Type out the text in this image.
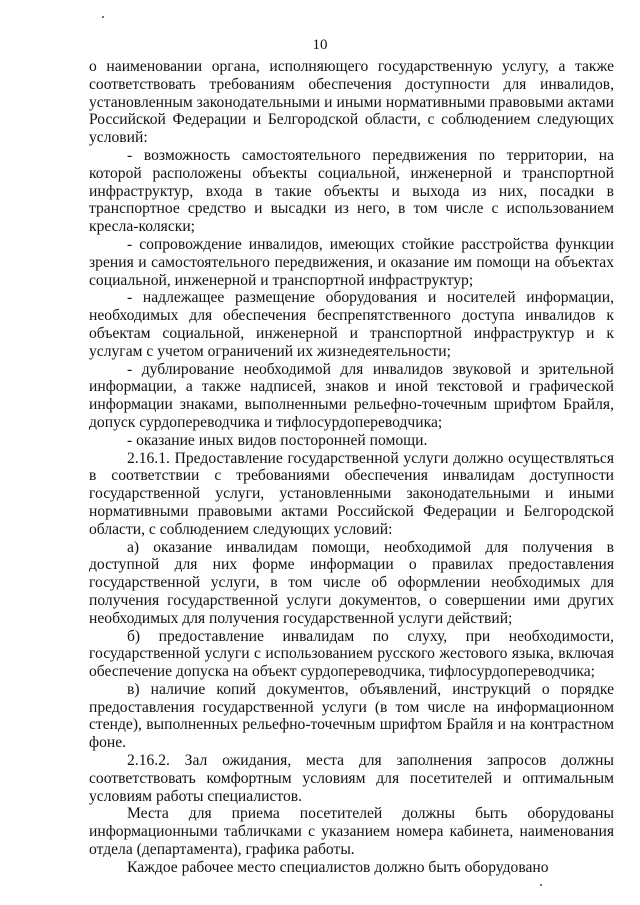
10

о наименовании органа, исполняющего государственную услугу, а также соответствовать требованиям обеспечения доступности для инвалидов, установленным законодательными и иными нормативными правовыми актами Российской Федерации и Белгородской области, с соблюдением следующих условий:

- возможность самостоятельного передвижения по территории, на которой расположены объекты социальной, инженерной и транспортной инфраструктур, входа в такие объекты и выхода из них, посадки в транспортное средство и высадки из него, в том числе с использованием кресла-коляски;

- сопровождение инвалидов, имеющих стойкие расстройства функции зрения и самостоятельного передвижения, и оказание им помощи на объектах социальной, инженерной и транспортной инфраструктур;

- надлежащее размещение оборудования и носителей информации, необходимых для обеспечения беспрепятственного доступа инвалидов к объектам социальной, инженерной и транспортной инфраструктур и к услугам с учетом ограничений их жизнедеятельности;

- дублирование необходимой для инвалидов звуковой и зрительной информации, а также надписей, знаков и иной текстовой и графической информации знаками, выполненными рельефно-точечным шрифтом Брайля, допуск сурдопереводчика и тифлосурдопереводчика;

- оказание иных видов посторонней помощи.

2.16.1. Предоставление государственной услуги должно осуществляться в соответствии с требованиями обеспечения инвалидам доступности государственной услуги, установленными законодательными и иными нормативными правовыми актами Российской Федерации и Белгородской области, с соблюдением следующих условий:

а) оказание инвалидам помощи, необходимой для получения в доступной для них форме информации о правилах предоставления государственной услуги, в том числе об оформлении необходимых для получения государственной услуги документов, о совершении ими других необходимых для получения государственной услуги действий;

б) предоставление инвалидам по слуху, при необходимости, государственной услуги с использованием русского жестового языка, включая обеспечение допуска на объект сурдопереводчика, тифлосурдопереводчика;

в) наличие копий документов, объявлений, инструкций о порядке предоставления государственной услуги (в том числе на информационном стенде), выполненных рельефно-точечным шрифтом Брайля и на контрастном фоне.

2.16.2. Зал ожидания, места для заполнения запросов должны соответствовать комфортным условиям для посетителей и оптимальным условиям работы специалистов.

Места для приема посетителей должны быть оборудованы информационными табличками с указанием номера кабинета, наименования отдела (департамента), графика работы.

Каждое рабочее место специалистов должно быть оборудовано
